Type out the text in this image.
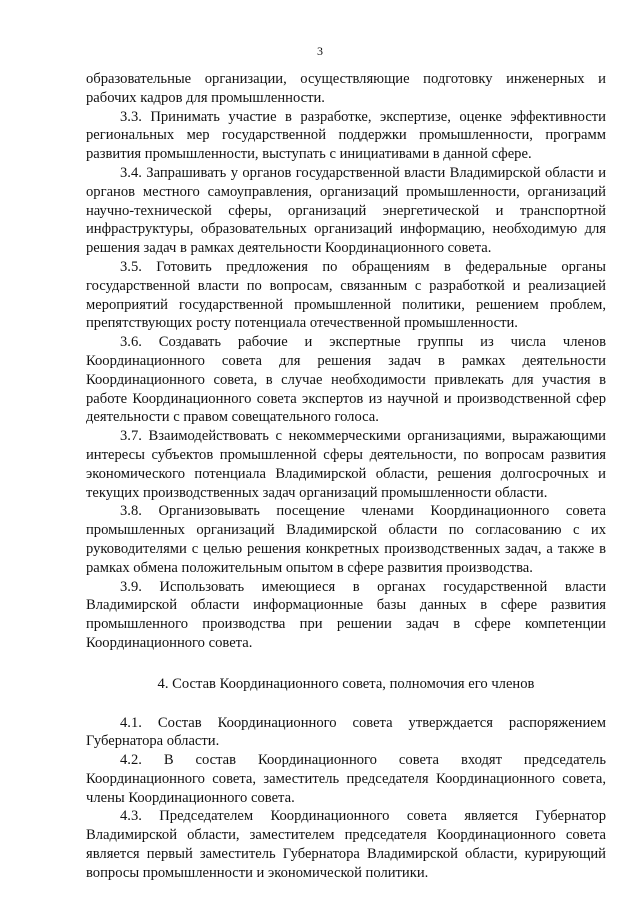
3

образовательные организации, осуществляющие подготовку инженерных и рабочих кадров для промышленности.

3.3. Принимать участие в разработке, экспертизе, оценке эффективности региональных мер государственной поддержки промышленности, программ развития промышленности, выступать с инициативами в данной сфере.

3.4. Запрашивать у органов государственной власти Владимирской области и органов местного самоуправления, организаций промышленности, организаций научно-технической сферы, организаций энергетической и транспортной инфраструктуры, образовательных организаций информацию, необходимую для решения задач в рамках деятельности Координационного совета.

3.5. Готовить предложения по обращениям в федеральные органы государственной власти по вопросам, связанным с разработкой и реализацией мероприятий государственной промышленной политики, решением проблем, препятствующих росту потенциала отечественной промышленности.

3.6. Создавать рабочие и экспертные группы из числа членов Координационного совета для решения задач в рамках деятельности Координационного совета, в случае необходимости привлекать для участия в работе Координационного совета экспертов из научной и производственной сфер деятельности с правом совещательного голоса.

3.7. Взаимодействовать с некоммерческими организациями, выражающими интересы субъектов промышленной сферы деятельности, по вопросам развития экономического потенциала Владимирской области, решения долгосрочных и текущих производственных задач организаций промышленности области.

3.8. Организовывать посещение членами Координационного совета промышленных организаций Владимирской области по согласованию с их руководителями с целью решения конкретных производственных задач, а также в рамках обмена положительным опытом в сфере развития производства.

3.9. Использовать имеющиеся в органах государственной власти Владимирской области информационные базы данных в сфере развития промышленного производства при решении задач в сфере компетенции Координационного совета.

4. Состав Координационного совета, полномочия его членов

4.1. Состав Координационного совета утверждается распоряжением Губернатора области.

4.2. В состав Координационного совета входят председатель Координационного совета, заместитель председателя Координационного совета, члены Координационного совета.

4.3. Председателем Координационного совета является Губернатор Владимирской области, заместителем председателя Координационного совета является первый заместитель Губернатора Владимирской области, курирующий вопросы промышленности и экономической политики.
